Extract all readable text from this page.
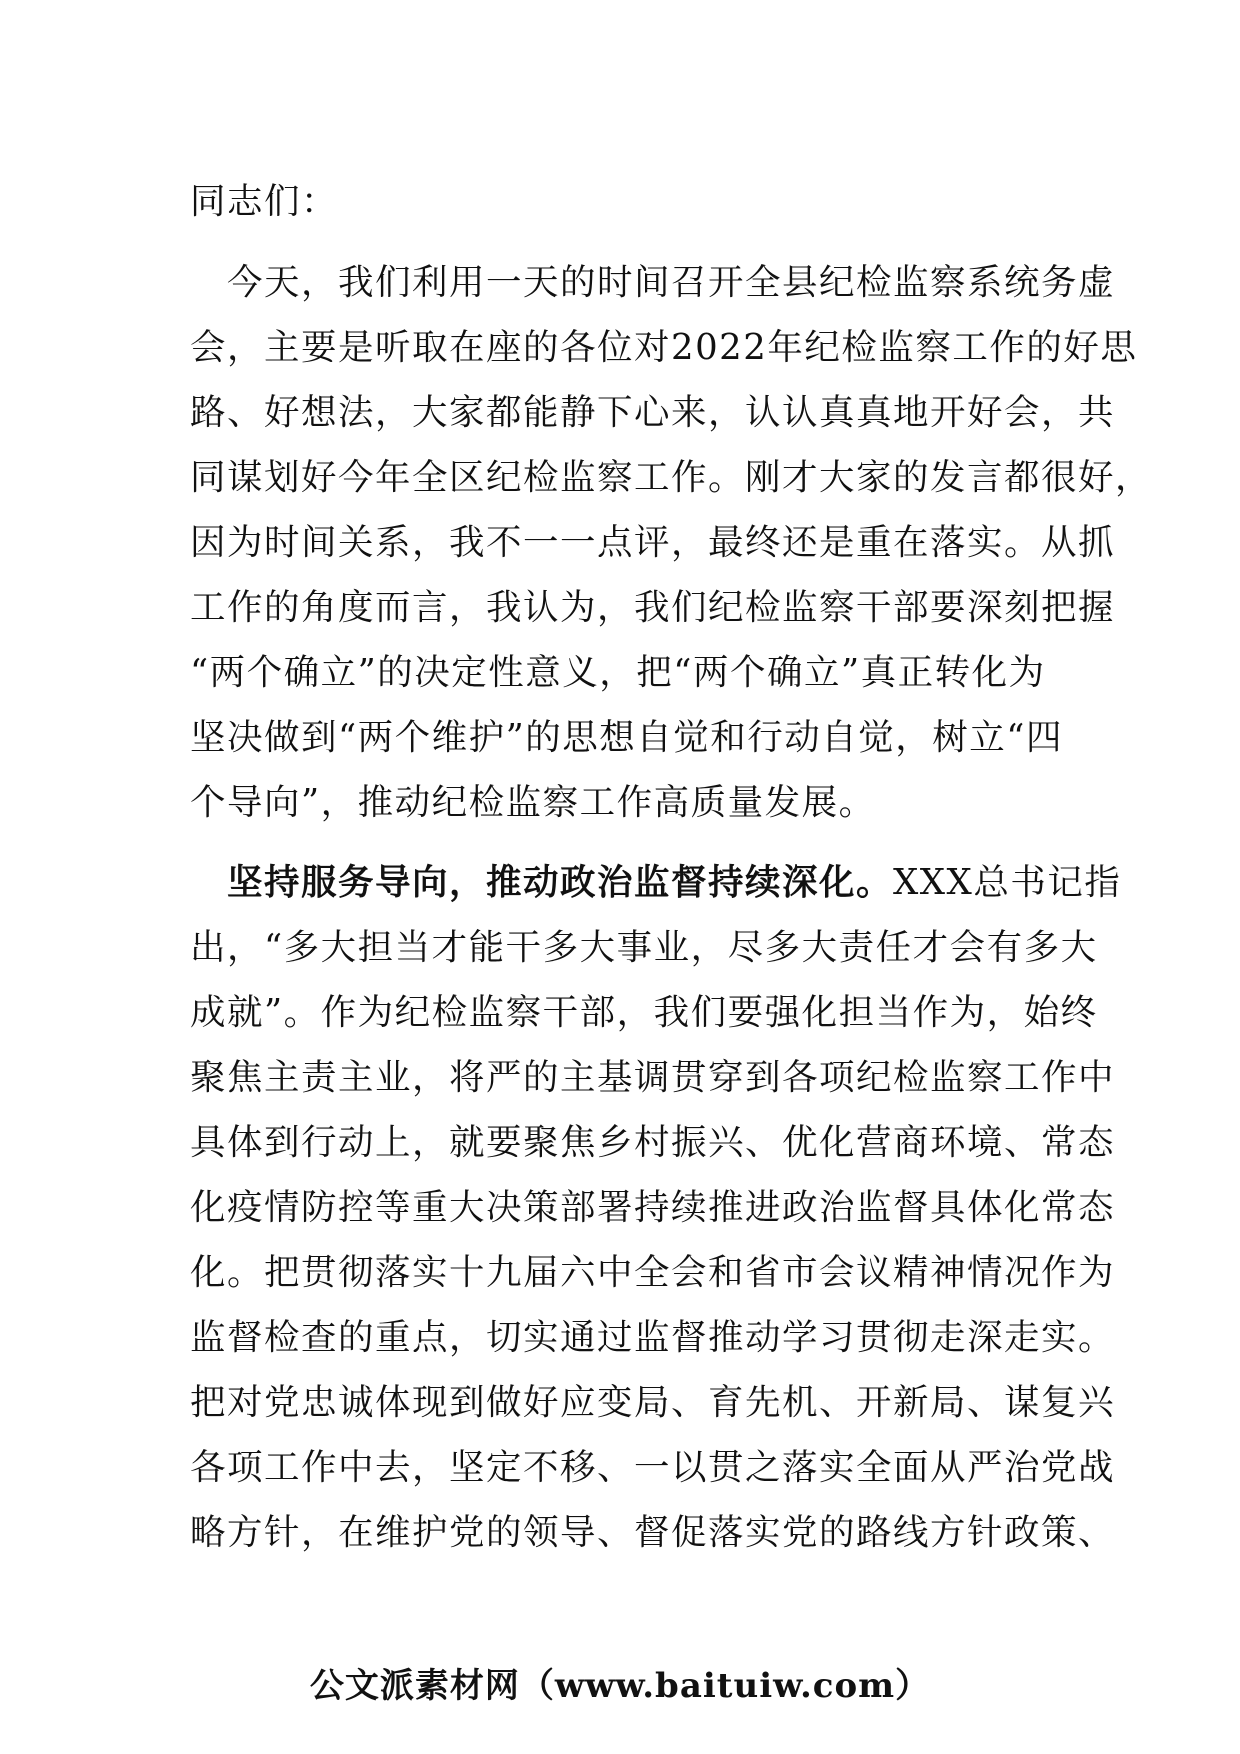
同志们：
　今天，我们利用一天的时间召开全县纪检监察系统务虚
会，主要是听取在座的各位对2022年纪检监察工作的好思
路、好想法，大家都能静下心来，认认真真地开好会，共
同谋划好今年全区纪检监察工作。刚才大家的发言都很好，
因为时间关系，我不一一点评，最终还是重在落实。从抓
工作的角度而言，我认为，我们纪检监察干部要深刻把握
“两个确立”的决定性意义，把“两个确立”真正转化为
坚决做到“两个维护”的思想自觉和行动自觉，树立“四
个导向”，推动纪检监察工作高质量发展。
　坚持服务导向，推动政治监督持续深化。XXX总书记指
出，“多大担当才能干多大事业，尽多大责任才会有多大
成就”。作为纪检监察干部，我们要强化担当作为，始终
聚焦主责主业，将严的主基调贯穿到各项纪检监察工作中
具体到行动上，就要聚焦乡村振兴、优化营商环境、常态
化疫情防控等重大决策部署持续推进政治监督具体化常态
化。把贯彻落实十九届六中全会和省市会议精神情况作为
监督检查的重点，切实通过监督推动学习贯彻走深走实。
把对党忠诚体现到做好应变局、育先机、开新局、谋复兴
各项工作中去，坚定不移、一以贯之落实全面从严治党战
略方针，在维护党的领导、督促落实党的路线方针政策、
公文派素材网（www.baituiw.com）
